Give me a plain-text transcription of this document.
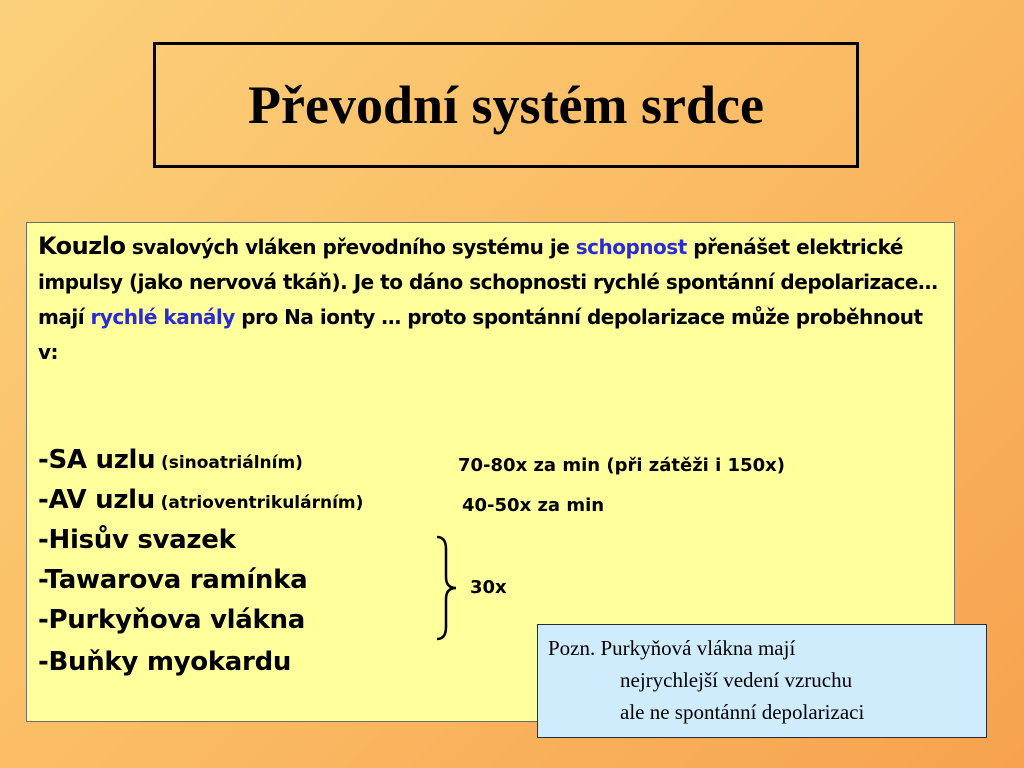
Převodní systém srdce
Kouzlo svalových vláken převodního systému je schopnost přenášet elektrické impulsy (jako nervová tkáň). Je to dáno schopnosti rychlé spontánní depolarizace… mají rychlé kanály pro Na ionty … proto spontánní depolarizace může proběhnout v:
-SA uzlu (sinoatriálním)	70-80x za min (při zátěži i 150x)
-AV uzlu (atrioventrikulárním)	40-50x za min
-Hisův svazek
-Tawarova ramínka
-Purkyňova vlákna
-Buňky myokardu
30x
Pozn. Purkyňová vlákna mají
nejrychlejší vedení vzruchu
ale ne spontánní depolarizaci
